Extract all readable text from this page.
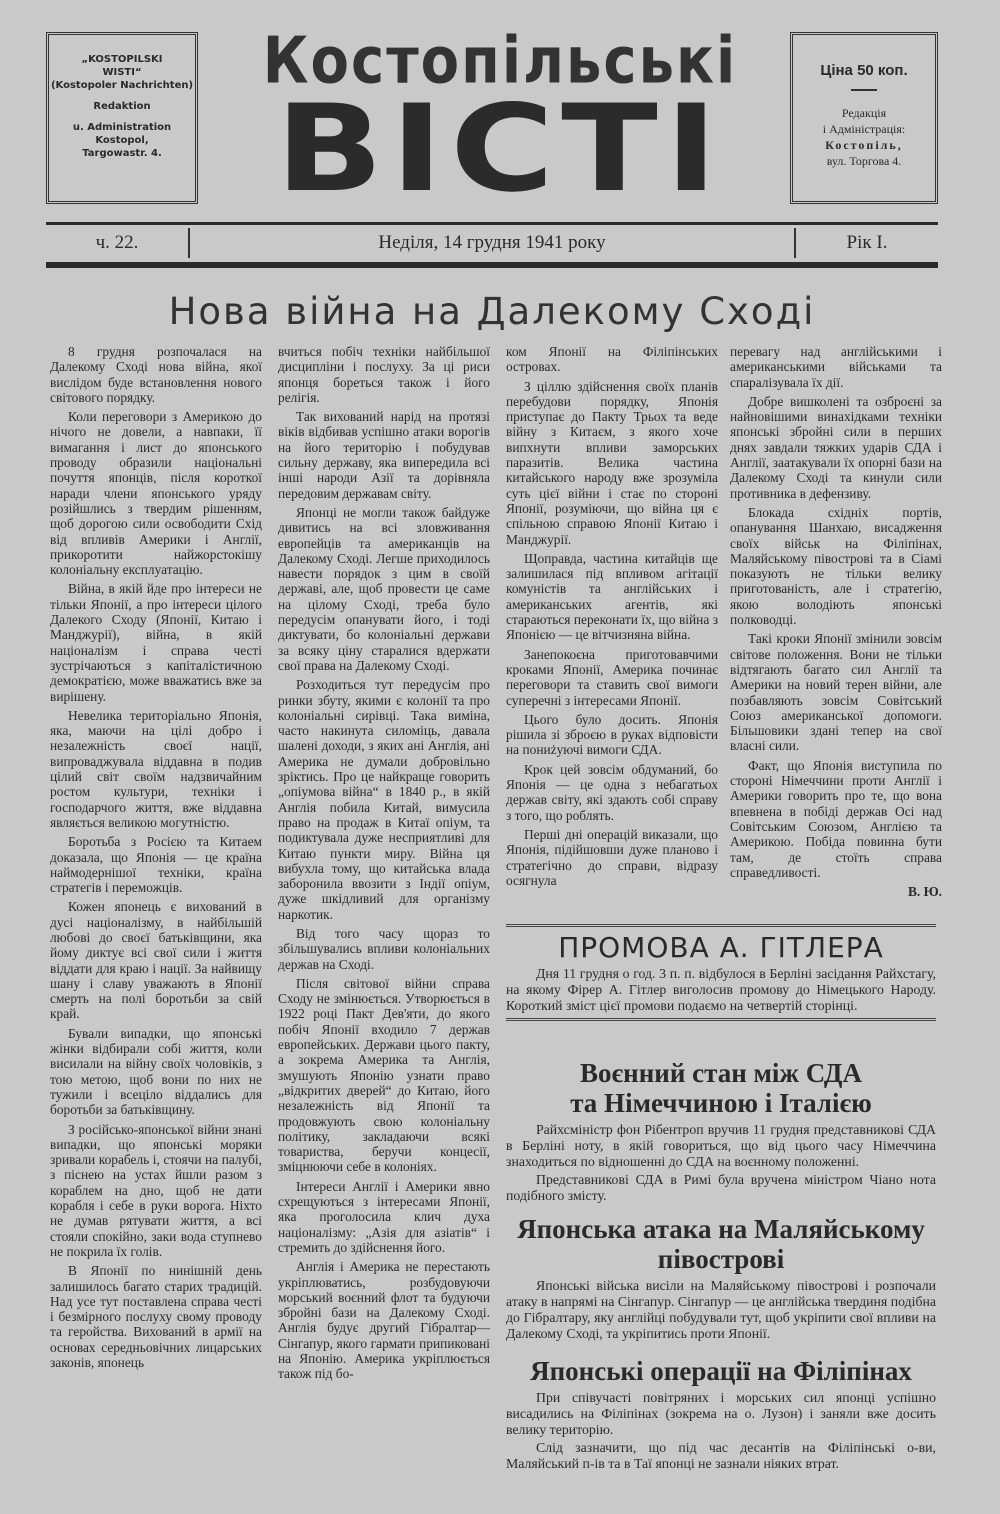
„KOSTOPILSKI
WISTI“
(Kostopoler Nachrichten)
Redaktion
u. Administration
Kostopol,
Targowastr. 4.
Костопільські
ВІСТІ
Ціна 50 коп.
Редакція
і Адміністрація:
Костопіль,
вул. Торгова 4.
ч. 22.	Неділя, 14 грудня 1941 року	Рік I.
Нова війна на Далекому Сході

8 грудня розпочалася на Далекому Сході нова війна, якої вислідом буде встановлення нового світового порядку.

Коли переговори з Америкою до нічого не довели, а навпаки, її вимагання і лист до японського проводу образили національні почуття японців, після короткої наради члени японського уряду розійшлись з твердим рішенням, щоб дорогою сили освободити Схід від впливів Америки і Англії, прикоротити найжорстокішу колоніальну експлуатацію.

Війна, в якій йде про інтереси не тільки Японії, а про інтереси цілого Далекого Сходу (Японії, Китаю і Манджурії), війна, в якій націоналізм і справа честі зустрічаються з капіталістичною демократією, може вважатись вже за вирішену.

Невелика територіально Японія, яка, маючи на цілі добро і незалежність своєї нації, випроваджувала віддавна в подив цілий світ своїм надзвичайним ростом культури, техніки і господарчого життя, вже віддавна являється великою могутністю.

Боротьба з Росією та Китаем доказала, що Японія — це країна наймодернішої техніки, країна стратегів і переможців.

Кожен японець є вихований в дусі націоналізму, в найбільшій любові до своєї батьківщини, яка йому диктує всі свої сили і життя віддати для краю і нації. За найвищу шану і славу уважають в Японії смерть на полі боротьби за свій край.

Бували випадки, що японські жінки відбирали собі життя, коли висилали на війну своїх чоловіків, з тою метою, щоб вони по них не тужили і всеціло віддались для боротьби за батьківщину.

З російсько-японської війни знані випадки, що японські моряки зривали корабель і, стоячи на палубі, з піснею на устах йшли разом з кораблем на дно, щоб не дати корабля і себе в руки ворога. Ніхто не думав рятувати життя, а всі стояли спокійно, заки вода ступнево не покрила їх голів.

В Японії по нинішній день залишилось багато старих традицій. Над усе тут поставлена справа честі і безмірного послуху свому проводу та геройства. Вихований в армії на основах середньовічних лицарських законів, японець

вчиться побіч техніки найбільшої дисципліни і послуху. За ці риси японця бореться також і його релігія.

Так вихований нарід на протязі віків відбивав успішно атаки ворогів на його територію і побудував сильну державу, яка випередила всі інші народи Азії та дорівняла передовим державам світу.

Японці не могли також байдуже дивитись на всі зловживання европейців та американців на Далекому Сході. Легше приходилось навести порядок з цим в своїй державі, але, щоб провести це саме на цілому Сході, треба було передусім опанувати його, і тоді диктувати, бо колоніальні держави за всяку ціну старалися вдержати свої права на Далекому Сході.

Розходиться тут передусім про ринки збуту, якими є колонії та про колоніальні сирівці. Така виміна, часто накинута силоміць, давала шалені доходи, з яких ані Англія, ані Америка не думали добровільно зріктись. Про це найкраще говорить „опіумова війна“ в 1840 р., в якій Англія побила Китай, вимусила право на продаж в Китаї опіум, та подиктувала дуже несприятливі для Китаю пункти миру. Війна ця вибухла тому, що китайська влада заборонила ввозити з Індії опіум, дуже шкідливий для організму наркотик.

Від того часу щораз то збільшувались впливи колоніальних держав на Сході.

Після світової війни справа Сходу не змінюється. Утворюється в 1922 році Пакт Дев'яти, до якого побіч Японії входило 7 держав европейських. Держави цього пакту, а зокрема Америка та Англія, змушують Японію узнати право „відкритих дверей“ до Китаю, його незалежність від Японії та продовжують свою колоніальну політику, закладаючи всякі товариства, беручи концесії, зміцнюючи себе в колоніях.

Інтереси Англії і Америки явно схрещуються з інтересами Японії, яка проголосила клич духа націоналізму: „Азія для азіатів“ і стремить до здійснення його.

Англія і Америка не перестають укріплюватись, розбудовуючи морський воєнний флот та будуючи збройні бази на Далекому Сході. Англія будує другий Гібралтар—Сінгапур, якого гармати припиковані на Японію. Америка укріплюється також під бо-

ком Японії на Філіпінських островах.

З ціллю здійснення своїх планів перебудови порядку, Японія приступає до Пакту Трьох та веде війну з Китаєм, з якого хоче випхнути впливи заморських паразитів. Велика частина китайського народу вже зрозуміла суть цієї війни і стає по стороні Японії, розуміючи, що війна ця є спільною справою Японії Китаю і Манджурії.

Щоправда, частина китайців ще залишилася під впливом агітації комуністів та англійських і американських агентів, які стараються переконати їх, що війна з Японією — це вітчизняна війна.

Занепокоєна приготовавчими кроками Японії, Америка починає переговори та ставить свої вимоги суперечні з інтересами Японії.

Цього було досить. Японія рішила зі зброєю в руках відповісти на пониżуючі вимоги СДА.

Крок цей зовсім обдуманий, бо Японія — це одна з небагатьох держав світу, які здають собі справу з того, що роблять.

Перші дні операцій виказали, що Японія, підійшовши дуже планово і стратегічно до справи, відразу осягнула

перевагу над англійськими і американськими військами та спаралізувала їх дії.

Добре вишколені та озброєні за найновішими винахідками техніки японські збройні сили в перших днях завдали тяжких ударів СДА і Англії, заатакували їх опорні бази на Далекому Сході та кинули сили противника в дефензиву.

Блокада східніх портів, опанування Шанхаю, висадження своїх військ на Філіпінах, Маляйському півострові та в Сіамі показують не тільки велику приготованість, але і стратегію, якою володіють японські полководці.

Такі кроки Японії змінили зовсім світове положення. Вони не тільки відтягають багато сил Англії та Америки на новий терен війни, але позбавляють зовсім Совітський Союз американської допомоги. Більшовики здані тепер на свої власні сили.

Факт, що Японія виступила по стороні Німеччини проти Англії і Америки говорить про те, що вона впевнена в побіді держав Осі над Совітським Союзом, Англією та Америкою. Побіда повинна бути там, де стоїть справа справедливості.

В. Ю.
ПРОМОВА А. ГІТЛЕРА

Дня 11 грудня о год. 3 п. п. відбулося в Берліні засідання Райхстагу, на якому Фірер А. Гітлер виголосив промову до Німецького Народу. Короткий зміст цієї промови подаємо на четвертій сторінці.

Воєнний стан між СДА
та Німеччиною і Італією

Райхсміністр фон Рібентроп вручив 11 грудня представникові СДА в Берліні ноту, в якій говориться, що від цього часу Німеччина знаходиться по відношенні до СДА на воєнному положенні.

Представникові СДА в Римі була вручена міністром Чіано нота подібного змісту.

Японська атака на Маляйському
півострові

Японські війська висіли на Маляйському півострові і розпочали атаку в напрямі на Сінгапур. Сінгапур — це англійська твердиня подібна до Гібралтару, яку англійці побудували тут, щоб укріпити свої впливи на Далекому Сході, та укріпитись проти Японії.

Японські операції на Філіпінах

При співучасті повітряних і морських сил японці успішно висадились на Філіпінах (зокрема на о. Лузон) і заняли вже досить велику територію.

Слід зазначити, що під час десантів на Філіпінські о-ви, Маляйський п-ів та в Таї японці не зазнали ніяких втрат.
